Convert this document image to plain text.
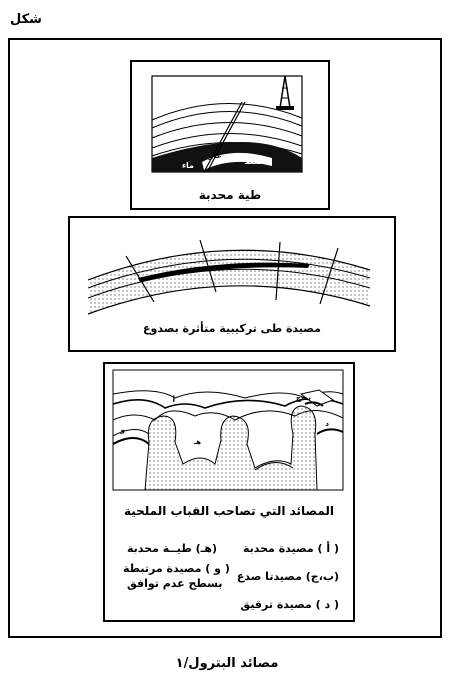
شكل
غاز
نفط
ماء
طية محدبة
مصيدة طى تركيبية متأثرة بصدوع
أ	ب-ج
د
هـ
و
المصائد التي تصاحب القباب الملحية
( أ ) مصيدة محدبة
(ب،ج) مصيدتا صدع
( د ) مصيدة ترقيق
(هـ) طيــة محدبة
( و ) مصيدة مرتبطة
بسطح عدم توافق
مصائد البترول/١
